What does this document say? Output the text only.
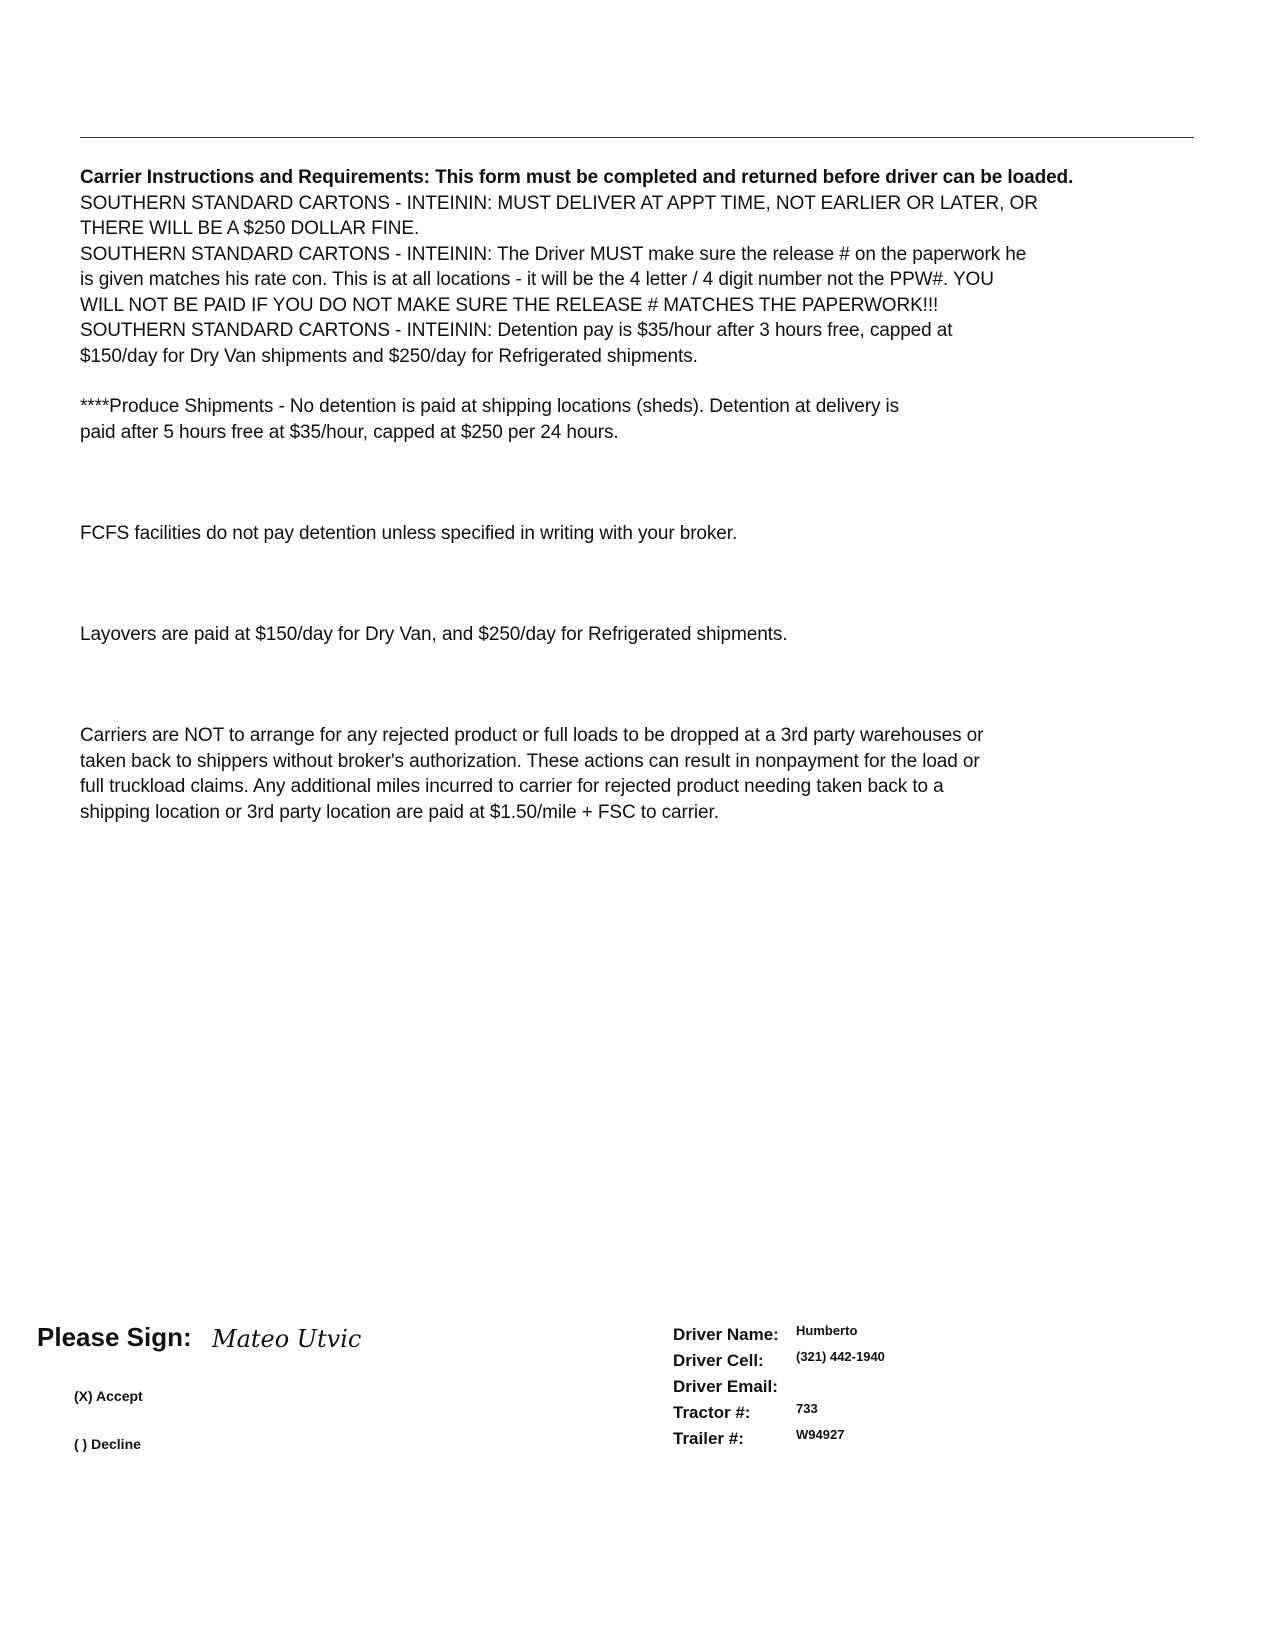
Carrier Instructions and Requirements: This form must be completed and returned before driver can be loaded.

SOUTHERN STANDARD CARTONS - INTEININ: MUST DELIVER AT APPT TIME, NOT EARLIER OR LATER, OR

THERE WILL BE A $250 DOLLAR FINE.

SOUTHERN STANDARD CARTONS - INTEININ: The Driver MUST make sure the release # on the paperwork he

is given matches his rate con. This is at all locations - it will be the 4 letter / 4 digit number not the PPW#. YOU

WILL NOT BE PAID IF YOU DO NOT MAKE SURE THE RELEASE # MATCHES THE PAPERWORK!!!

SOUTHERN STANDARD CARTONS - INTEININ: Detention pay is $35/hour after 3 hours free, capped at

$150/day for Dry Van shipments and $250/day for Refrigerated shipments.

****Produce Shipments - No detention is paid at shipping locations (sheds). Detention at delivery is

paid after 5 hours free at $35/hour, capped at $250 per 24 hours.

FCFS facilities do not pay detention unless specified in writing with your broker.

Layovers are paid at $150/day for Dry Van, and $250/day for Refrigerated shipments.

Carriers are NOT to arrange for any rejected product or full loads to be dropped at a 3rd party warehouses or

taken back to shippers without broker's authorization. These actions can result in nonpayment for the load or

full truckload claims. Any additional miles incurred to carrier for rejected product needing taken back to a

shipping location or 3rd party location are paid at $1.50/mile + FSC to carrier.

Please Sign: Mateo Utvic
(X) Accept
( ) Decline
Driver Name: Humberto
Driver Cell: (321) 442-1940
Driver Email:
Tractor #:	733
Trailer #:	W94927
